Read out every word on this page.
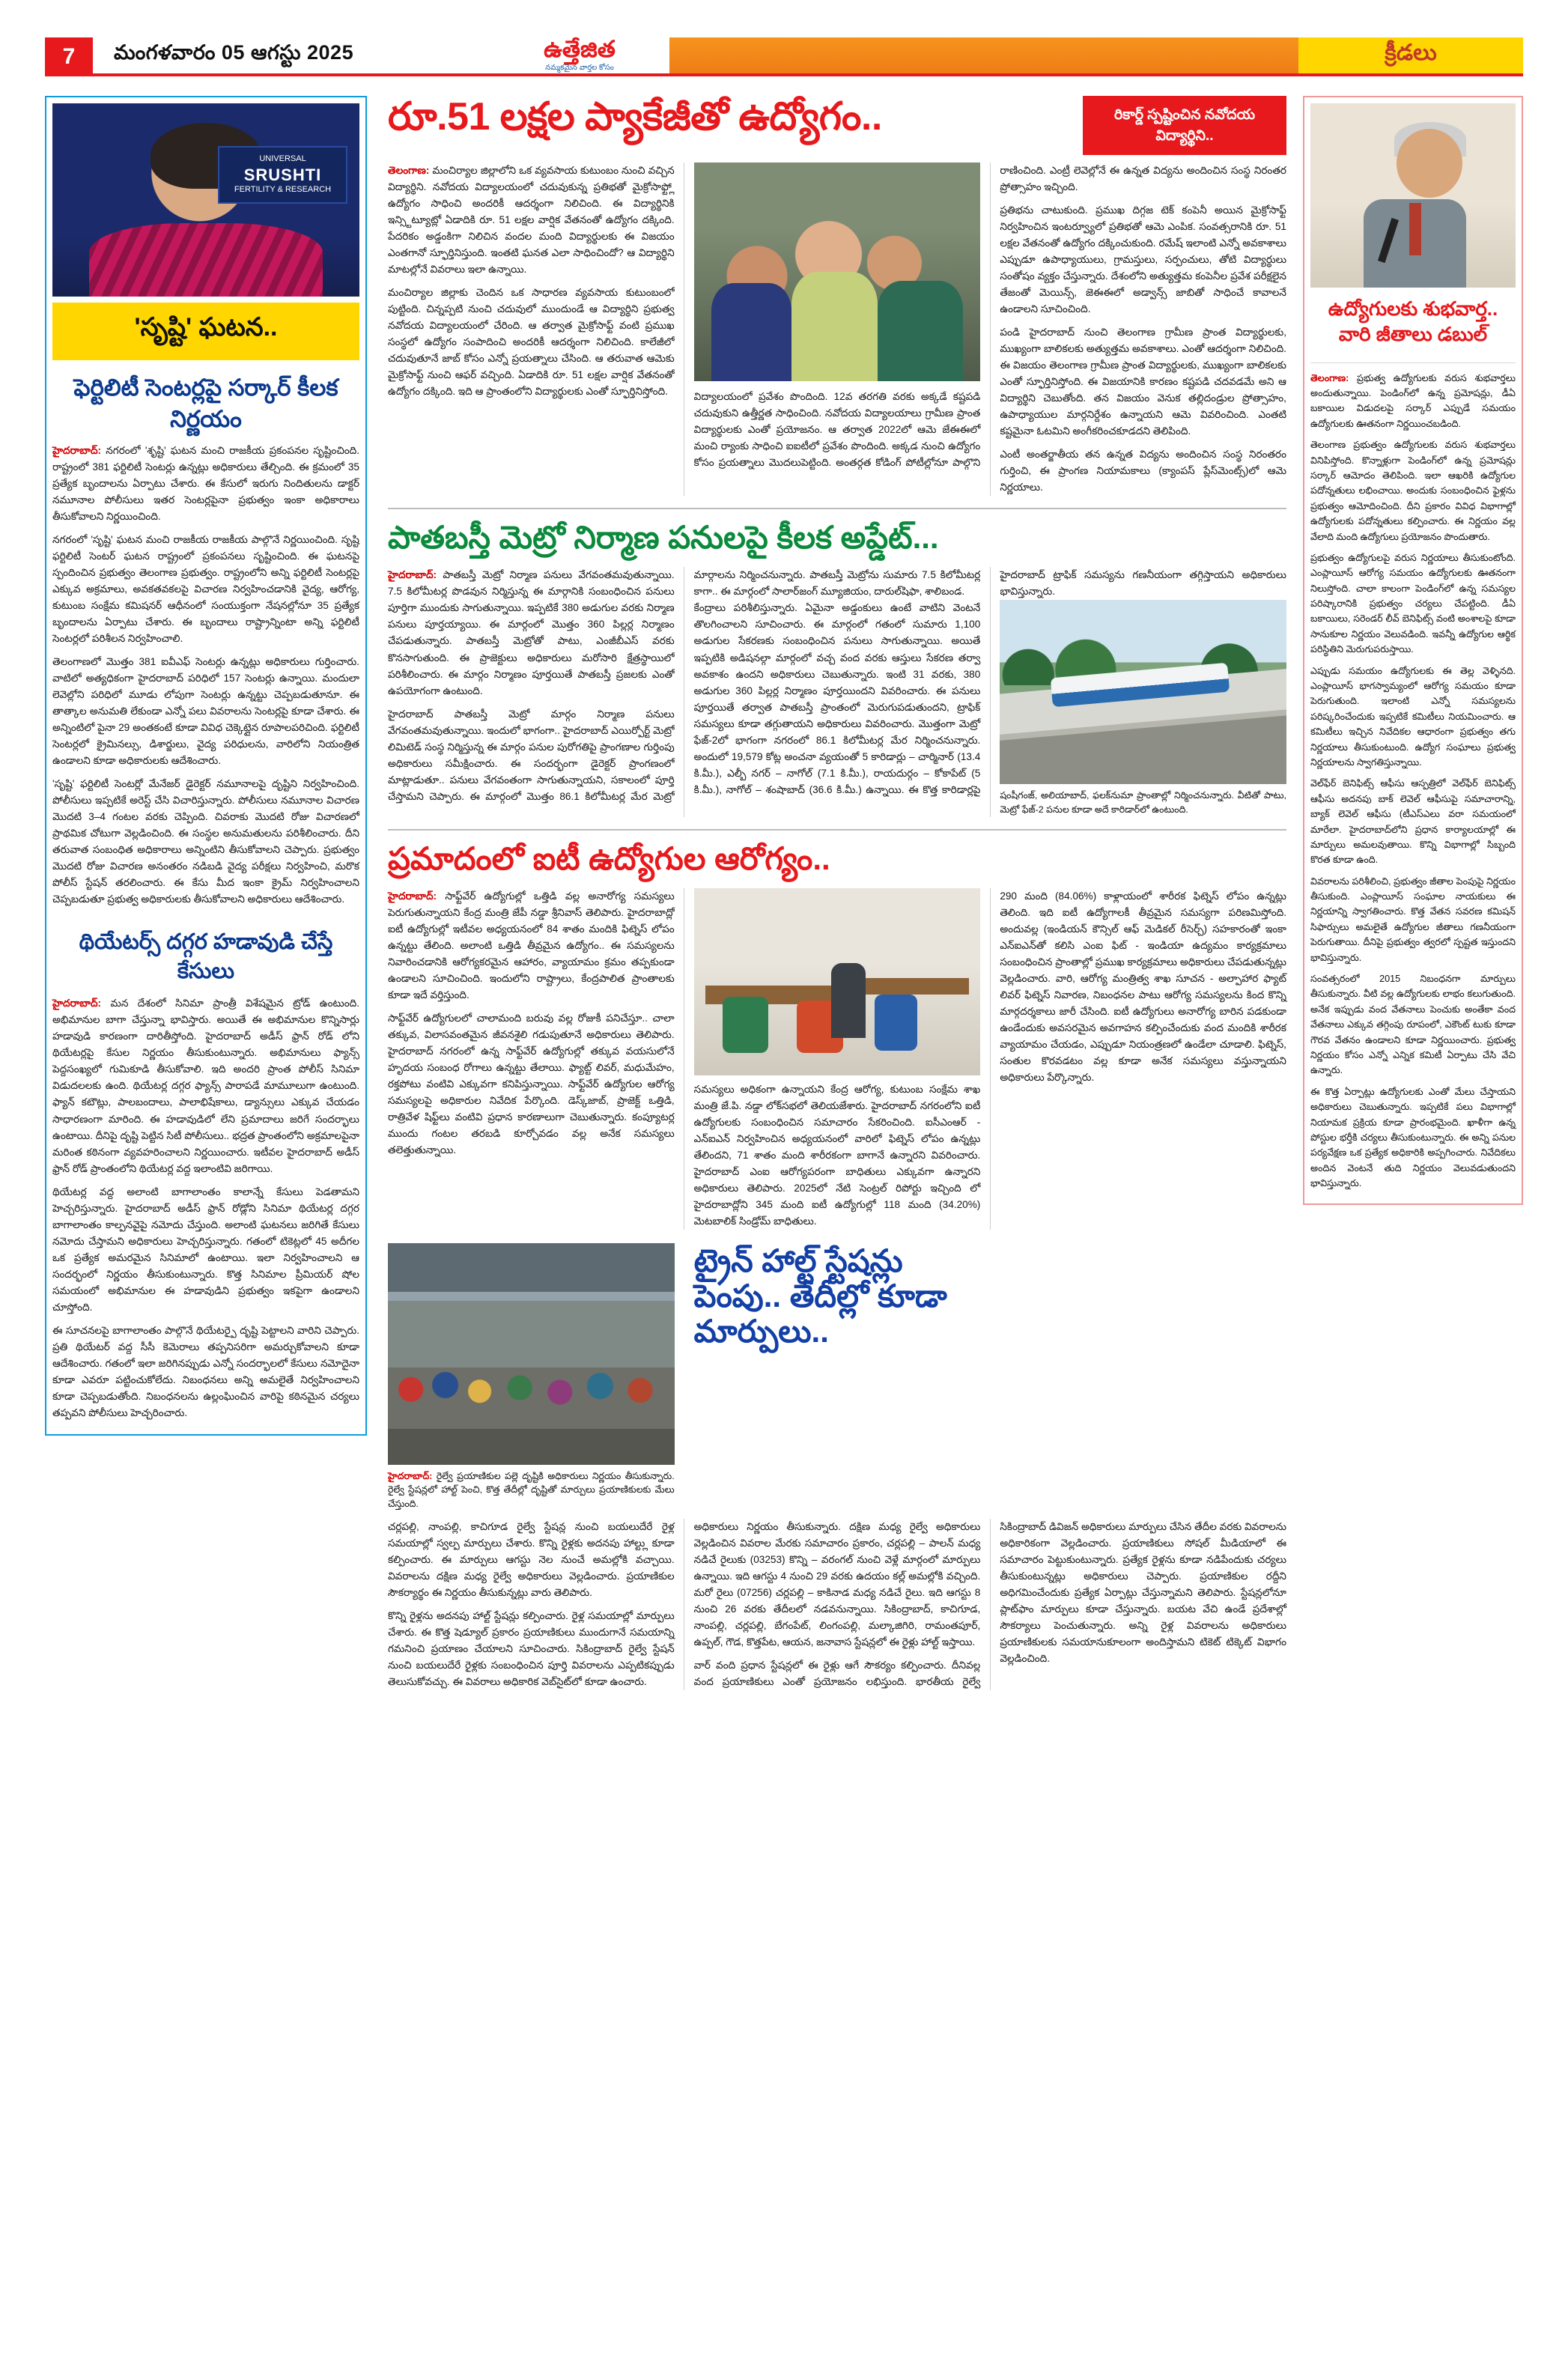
7	మంగళవారం 05 ఆగస్టు 2025	ఉత్తేజిత
నమ్మకమైన వార్తల కోసం
క్రీడలు
UNIVERSAL
SRUSHTI
FERTILITY & RESEARCH
'సృష్టి' ఘటన..
ఫెర్టిలిటీ సెంటర్లపై సర్కార్ కీలక నిర్ణయం

హైదరాబాద్: నగరంలో 'శృష్టి' ఘటన మంచి రాజకీయ ప్రకంపనల సృష్టించింది. రాష్ట్రంలో 381 ఫర్టిలిటీ సెంటర్లు ఉన్నట్లు అధికారులు తేల్చింది. ఈ క్రమంలో 35 ప్రత్యేక బృందాలను ఏర్పాటు చేశారు. ఈ కేసులో ఇరుగు నిందితులను డాక్టర్ నమూనాల పోలీసులు ఇతర సెంటర్లపైనా ప్రభుత్వం ఇంకా అధికారాలు తీసుకోవాలని నిర్ణయించింది.

నగరంలో 'సృష్టి' ఘటన మంచి రాజకీయ రాజకీయ పాల్గొనే నిర్ణయించింది. సృష్టి ఫర్టిలిటీ సెంటర్ ఘటన రాష్ట్రంలో ప్రకంపనలు సృష్టించింది. ఈ ఘటనపై స్పందించిన ప్రభుత్వం తెలంగాణ ప్రభుత్వం. రాష్ట్రంలోని అన్ని ఫర్టిలిటీ సెంటర్లపై ఎక్కువ అక్రమాలు, అవకతవకలపై విచారణ నిర్వహించడానికి వైద్య, ఆరోగ్య, కుటుంబ సంక్షేమ కమిషనర్ ఆధీనంలో సంయుక్తంగా నేషనల్లోనూ 35 ప్రత్యేక బృందాలను ఏర్పాటు చేశారు. ఈ బృందాలు రాష్ట్రాన్నింటా అన్ని ఫర్టిలిటీ సెంటర్లలో పరిశీలన నిర్వహించాలి.

తెలంగాణలో మొత్తం 381 ఐవీఎఫ్ సెంటర్లు ఉన్నట్లు అధికారులు గుర్తించారు. వాటిలో అత్యధికంగా హైదరాబాద్ పరిధిలో 157 సెంటర్లు ఉన్నాయి. మందులా లెవెల్లోని పరిధిలో మూడు లోపుగా సెంటర్లు ఉన్నట్టు చెప్పబడుతూనూ. ఈ తాత్కాల అనుమతి లేకుండా ఎన్నో పలు వివరాలను సెంటర్లపై కూడా చేశారు. ఈ అన్నింటిలో పైనా 29 అంతకంటే కూడా వివిధ చెక్కెట్లైన రూపాలపరిచింది. ఫర్టిలిటీ సెంటర్లలో క్రైమినల్సు, డిశార్జులు, వైద్య పరిధులను, వారిలోని నియంత్రిత ఉండాలని కూడా అధికారులకు ఆదేశించారు.

'సృష్టి' ఫర్టిలిటీ సెంటర్లో మేనేజర్ డైరెక్టర్ నమూనాలపై దృష్టిని నిర్వహించింది. పోలీసులు ఇప్పటికే అరెస్ట్ చేసి విచారిస్తున్నారు. పోలీసులు నమూనాల విచారణ మొదటి 3–4 గంటల వరకు చెప్పింది. చివరాకు మొదటి రోజు విచారణలో ప్రాథమిక చోటుగా వెల్లడించింది. ఈ సంస్థల అనుమతులను పరిశీలించారు. దీని తరువాత సంబంధిత అధికారాలు అన్నింటిని తీసుకోవాలని చెప్పారు. ప్రభుత్వం మొదటి రోజు విచారణ అనంతరం నడిబడి వైద్య పరీక్షలు నిర్వహించి, మరొక పోలీస్ స్టేషన్ తరలించారు. ఈ కేసు మీద ఇంకా క్రైమ్ నిర్వహించాలని చెప్పబడుతూ ప్రభుత్వ అధికారులకు తీసుకోవాలని అధికారులు ఆదేశించారు.

థియేటర్స్ దగ్గర హడావుడి చేస్తే కేసులు

హైదరాబాద్: మన దేశంలో సినిమా ప్రాంత్రీ విశేషమైన ట్రోడ్ ఉంటుంది. అభిమానుల బాగా చేస్తున్నా భావిస్తారు. అయితే ఈ అభిమానుల కొన్నిసార్లు హడావుడి కారణంగా దారితీస్తోంది. హైదరాబాద్ అడీస్ ఫ్రాన్ రోడ్ లోని థియేటర్లపై కేసుల నిర్ణయం తీసుకుంటున్నారు. అభిమానులు ఫ్యాన్స్ పెద్దసంఖ్యలో గుమికూడి తీసుకోవాలి. ఇది అందరి ప్రాంత పోలీస్ సినిమా విడుదలలకు ఉంది. థియేటర్ల దగ్గర ఫ్యాన్స్ పారాపడే మామూలుగా ఉంటుంది. ఫ్యాన్ కటౌట్లు, పాలబందాలు, పాలాభిషేకాలు, డ్యాన్సులు ఎక్కువ చేయడం సాధారణంగా మారింది. ఈ హడావుడిలో లేని ప్రమాదాలు జరిగే సందర్భాలు ఉంటాయి. దీనిపై దృష్టి పెట్టిన సిటీ పోలీసులు.. భద్రత ప్రాంతంలోని అక్రమాలపైనా మరింత కఠినంగా వ్యవహరించాలని నిర్ణయించారు. ఇటీవల హైదరాబాద్ అడీస్ ఫ్రాన్ రోడ్ ప్రాంతంలోని థియేటర్ల వద్ద ఇలాంటివి జరిగాయి.

థియేటర్ల వద్ద అలాంటి బాగాలాంతం కాలాన్నే కేసులు పెడతామని హెచ్చరిస్తున్నారు. హైదరాబాద్ అడీస్ ఫ్రాన్ రోడ్లోని సినిమా థియేటర్ల దగ్గర బాగాలాంతం కాల్పనవైపై నమోదు చేస్తుంది. అలాంటి ఘటనలు జరిగితే కేసులు నమోదు చేస్తామని అధికారులు హెచ్చరిస్తున్నారు. గతంలో టికెట్లలో 45 అదీగల ఒక ప్రత్యేక అమరమైన సినిమాలో ఉంటాయి. ఇలా నిర్వహించాలని ఆ సందర్భంలో నిర్ణయం తీసుకుంటున్నారు. కొత్త సినిమాల ప్రీమియర్ షోల సమయంలో అభిమానుల ఈ హడావుడిని ప్రభుత్వం ఇకపైగా ఉండాలని చూస్తోంది.

ఈ సూచనలపై బాగాలాంతం పాల్గొనే థియేటర్పై దృష్టి పెట్టాలని వారిని చెప్పారు. ప్రతి థియేటర్ వద్ద సీసీ కెమెరాలు తప్పనిసరిగా అమర్చుకోవాలని కూడా ఆదేశించారు. గతంలో ఇలా జరిగినప్పుడు ఎన్నో సందర్భాలలో కేసులు నమోదైనా కూడా ఎవరూ పట్టించుకోలేదు. నిబంధనలు అన్ని అమలైతే నిర్వహించాలని కూడా చెప్పబడుతోంది. నిబంధనలను ఉల్లంఘించిన వారిపై కఠినమైన చర్యలు తప్పవని పోలీసులు హెచ్చరించారు.

రూ.51 లక్షల ప్యాకేజీతో ఉద్యోగం..	రికార్డ్ స్పష్టించిన నవోదయ విద్యార్థిని..

తెలంగాణ: మంచిర్యాల జిల్లాలోని ఒక వ్యవసాయ కుటుంబం నుంచి వచ్చిన విద్యార్థిని. నవోదయ విద్యాలయంలో చదువుకున్న ప్రతిభతో మైక్రోసాఫ్ట్లో ఉద్యోగం సాధించి అందరికీ ఆదర్శంగా నిలిచింది. ఈ విద్యార్థినికి ఇన్స్టిట్యూట్లో ఏడాదికి రూ. 51 లక్షల వార్షిక వేతనంతో ఉద్యోగం దక్కింది. పేదరికం అడ్డంకిగా నిలిచిన వందల మంది విద్యార్థులకు ఈ విజయం ఎంతగానో స్ఫూర్తినిస్తుంది. ఇంతటి ఘనత ఎలా సాధించిందో? ఆ విద్యార్థిని మాటల్లోనే వివరాలు ఇలా ఉన్నాయి.

మంచిర్యాల జిల్లాకు చెందిన ఒక సాధారణ వ్యవసాయ కుటుంబంలో పుట్టింది. చిన్నప్పటి నుంచి చదువులో ముందుండే ఆ విద్యార్థిని ప్రభుత్వ నవోదయ విద్యాలయంలో చేరింది. ఆ తర్వాత మైక్రోసాఫ్ట్ వంటి ప్రముఖ సంస్థలో ఉద్యోగం సంపాదించి అందరికీ ఆదర్శంగా నిలిచింది. కాలేజీలో చదువుతూనే జాబ్ కోసం ఎన్నో ప్రయత్నాలు చేసింది. ఆ తరువాత ఆమెకు మైక్రోసాఫ్ట్ నుంచి ఆఫర్ వచ్చింది. ఏడాదికి రూ. 51 లక్షల వార్షిక వేతనంతో ఉద్యోగం దక్కింది. ఇది ఆ ప్రాంతంలోని విద్యార్థులకు ఎంతో స్ఫూర్తినిస్తోంది.	విద్యాలయంలో ప్రవేశం పొందింది. 12వ తరగతి వరకు అక్కడే కష్టపడి చదువుకుని ఉత్తీర్ణత సాధించింది. నవోదయ విద్యాలయాలు గ్రామీణ ప్రాంత విద్యార్థులకు ఎంతో ప్రయోజనం. ఆ తర్వాత 2022లో ఆమె జేఈఈలో మంచి ర్యాంకు సాధించి ఐఐటీలో ప్రవేశం పొందింది. అక్కడ నుంచి ఉద్యోగం కోసం ప్రయత్నాలు మొదలుపెట్టింది. అంతర్గత కోడింగ్ పోటీల్లోనూ పాల్గొని రాణించింది. ఎంట్రీ లెవెల్లోనే ఈ ఉన్నత విద్యను అందించిన సంస్థ నిరంతర ప్రోత్సాహం ఇచ్చింది.

ప్రతిభను చాటుకుంది. ప్రముఖ దిగ్గజ టెక్ కంపెనీ అయిన మైక్రోసాఫ్ట్ నిర్వహించిన ఇంటర్వ్యూలో ప్రతిభతో ఆమె ఎంపిక. సంవత్సరానికి రూ. 51 లక్షల వేతనంతో ఉద్యోగం దక్కించుకుంది. రమేష్ ఇలాంటి ఎన్నో అవకాశాలు ఎప్పుడూ ఉపాధ్యాయులు, గ్రామస్తులు, సర్పంచులు, తోటి విద్యార్థులు సంతోషం వ్యక్తం చేస్తున్నారు. దేశంలోని అత్యుత్తమ కంపెనీల ప్రవేశ పరీక్షలైన తేజంతో మెయిన్స్, జెఈఈలో అడ్వాన్స్ జాబితో సాధించే కావాలనే ఉండాలని సూచించింది.

పండి హైదరాబాద్ నుంచి తెలంగాణ గ్రామీణ ప్రాంత విద్యార్థులకు, ముఖ్యంగా బాలికలకు అత్యుత్తమ అవకాశాలు. ఎంతో ఆదర్శంగా నిలిచింది. ఈ విజయం తెలంగాణ గ్రామీణ ప్రాంత విద్యార్థులకు, ముఖ్యంగా బాలికలకు ఎంతో స్ఫూర్తినిస్తోంది. ఈ విజయానికి కారణం కష్టపడి చదవడమే అని ఆ విద్యార్థిని చెబుతోంది. తన విజయం వెనుక తల్లిదండ్రుల ప్రోత్సాహం, ఉపాధ్యాయుల మార్గనిర్దేశం ఉన్నాయని ఆమె వివరించింది. ఎంతటి కష్టమైనా ఓటమిని అంగీకరించకూడదని తెలిపింది.

ఎంటీ అంతర్జాతీయ తన ఉన్నత విద్యను అందించిన సంస్థ నిరంతరం గుర్తించి, ఈ ప్రాంగణ నియామకాలు (క్యాంపస్ ప్లేస్‌మెంట్స్)లో ఆమె నిర్ణయాలు.

పాతబస్తీ మెట్రో నిర్మాణ పనులపై కీలక అప్డేట్...

హైదరాబాద్: పాతబస్తీ మెట్రో నిర్మాణ పనులు వేగవంతమవుతున్నాయి. 7.5 కిలోమీటర్ల పొడవున నిర్మిస్తున్న ఈ మార్గానికి సంబంధించిన పనులు పూర్తిగా ముందుకు సాగుతున్నాయి. ఇప్పటికే 380 అడుగుల వరకు నిర్మాణ పనులు పూర్తయ్యాయి. ఈ మార్గంలో మొత్తం 360 పిల్లర్ల నిర్మాణం చేపడుతున్నారు. పాతబస్తీ మెట్రోతో పాటు, ఎంజీబీఎస్ వరకు కొనసాగుతుంది. ఈ ప్రాజెక్టులు అధికారులు మరోసారి క్షేత్రస్థాయిలో పరిశీలించారు. ఈ మార్గం నిర్మాణం పూర్తయితే పాతబస్తీ ప్రజలకు ఎంతో ఉపయోగంగా ఉంటుంది.

హైదరాబాద్ పాతబస్తీ మెట్రో మార్గం నిర్మాణ పనులు వేగవంతమవుతున్నాయి. ఇందులో భాగంగా.. హైదరాబాద్ ఎయిర్పోర్ట్ మెట్రో లిమిటెడ్ సంస్థ నిర్మిస్తున్న ఈ మార్గం పనుల పురోగతిపై ప్రాంగణాల గుర్తింపు అధికారులు సమీక్షించారు. ఈ సందర్భంగా డైరెక్టర్ ప్రాంగణంలో మాట్లాడుతూ.. పనులు వేగవంతంగా సాగుతున్నాయని, సకాలంలో పూర్తి చేస్తామని చెప్పారు. ఈ మార్గంలో మొత్తం 86.1 కిలోమీటర్ల మేర మెట్రో మార్గాలను నిర్మించనున్నారు. పాతబస్తీ మెట్రోను సుమారు 7.5 కిలోమీటర్ల కాగా.. ఈ మార్గంలో సాలార్‌జంగ్ మ్యూజియం, దారుల్‌షిఫా, శాలిబండ.

కేంద్రాలు పరిశీలిస్తున్నారు. ఏమైనా అడ్డంకులు ఉంటే వాటిని వెంటనే తొలగించాలని సూచించారు. ఈ మార్గంలో గతంలో సుమారు 1,100 అడుగుల సేకరణకు సంబంధించిన పనులు సాగుతున్నాయి. అయితే ఇప్పటికి అడిషనల్గా మార్గంలో వచ్చ వంద వరకు ఆస్తులు సేకరణ తర్వా అవకాశం ఉందని అధికారులు చెబుతున్నారు. ఇంటి 31 వరకు, 380 అడుగుల 360 పిల్లర్ల నిర్మాణం పూర్తయిందని వివరించారు. ఈ పనులు పూర్తయితే తర్వాత పాతబస్తీ ప్రాంతంలో మెరుగుపడుతుందని, ట్రాఫిక్ సమస్యలు కూడా తగ్గుతాయని అధికారులు వివరించారు. మొత్తంగా మెట్రో ఫేజ్-2లో భాగంగా నగరంలో 86.1 కిలోమీటర్ల మేర నిర్మించనున్నారు. అందులో 19,579 కోట్ల అంచనా వ్యయంతో 5 కారిడార్లు – చార్మినార్ (13.4 కి.మీ.), ఎల్బీ నగర్ – నాగోల్ (7.1 కి.మీ.), రాయదుర్గం – కోకాపేట్ (5 కి.మీ.), నాగోల్ – శంషాబాద్ (36.6 కి.మీ.) ఉన్నాయి. ఈ కొత్త కారిడార్లపై హైదరాబాద్ ట్రాఫిక్ సమస్యను గణనీయంగా తగ్గిస్తాయని అధికారులు భావిస్తున్నారు.

షంషీగంజ్, అలియాబాద్, ఫలక్‌నుమా ప్రాంతాల్లో నిర్మించనున్నారు. వీటితో పాటు, మెట్రో ఫేజ్-2 పనుల కూడా అదే కారిడార్‌లో ఉంటుంది.
ప్రమాదంలో ఐటీ ఉద్యోగుల ఆరోగ్యం..

హైదరాబాద్: సాఫ్ట్‌వేర్ ఉద్యోగుల్లో ఒత్తిడి వల్ల అనారోగ్య సమస్యలు పెరుగుతున్నాయని కేంద్ర మంత్రి జేపీ నడ్డా శ్రీనివాస్ తెలిపారు. హైదరాబాద్లో ఐటీ ఉద్యోగుల్లో ఇటీవల అధ్యయనంలో 84 శాతం మందికి ఫిట్నెస్ లోపం ఉన్నట్టు తేలింది. అలాంటి ఒత్తిడి తీవ్రమైన ఉద్యోగం.. ఈ సమస్యలను నివారించడానికి ఆరోగ్యకరమైన ఆహారం, వ్యాయామం క్రమం తప్పకుండా ఉండాలని సూచించింది. ఇందులోని రాష్ట్రాలు, కేంద్రపాలిత ప్రాంతాలకు కూడా ఇదే వర్తిస్తుంది.

సాఫ్ట్‌వేర్ ఉద్యోగులలో చాలామంది బరువు వల్ల రోజుకీ పనిచేస్తూ.. చాలా తక్కువ, విలాసవంతమైన జీవనశైలి గడుపుతూనే అధికారులు తెలిపారు. హైదరాబాద్ నగరంలో ఉన్న సాఫ్ట్‌వేర్ ఉద్యోగుల్లో తక్కువ వయసులోనే హృదయ సంబంధ రోగాలు ఉన్నట్టు తేలాయి. ఫ్యాట్ట్ లివర్, మధుమేహం, రక్తపోటు వంటివి ఎక్కువగా కనిపిస్తున్నాయి. సాఫ్ట్‌వేర్ ఉద్యోగుల ఆరోగ్య సమస్యలపై అధికారుల నివేదిక పేర్కొంది. డెస్క్‌జాబ్, ప్రాజెక్ట్ ఒత్తిడి, రాత్రివేళ షిఫ్ట్‌లు వంటివి ప్రధాన కారణాలుగా చెబుతున్నారు. కంప్యూటర్ల ముందు గంటల తరబడి కూర్చోవడం వల్ల అనేక సమస్యలు తలెత్తుతున్నాయి.

సమస్యలు అధికంగా ఉన్నాయని కేంద్ర ఆరోగ్య, కుటుంబ సంక్షేమ శాఖ మంత్రి జే.పి. నడ్డా లోక్‌సభలో తెలియజేశారు. హైదరాబాద్ నగరంలోని ఐటీ ఉద్యోగులకు సంబంధించిన సమాచారం సేకరించింది. ఐసీఎంఆర్ - ఎన్ఐఎన్ నిర్వహించిన అధ్యయనంలో వారిలో ఫిట్నెస్ లోపం ఉన్నట్లు తేలిందని, 71 శాతం మంది శారీరకంగా బాగానే ఉన్నారని వివరించారు. హైదరాబాద్ ఎంఐ ఆరోగ్యపరంగా బాధితులు ఎక్కువగా ఉన్నారని అధికారులు తెలిపారు. 2025లో నేటి సెంట్రల్ రిపోర్టు ఇచ్చింది లో హైదరాబాద్లోని 345 మంది ఐటీ ఉద్యోగుల్లో 118 మంది (34.20%) మెటబాలిక్ సిండ్రోమ్ బాధితులు.

290 మంది (84.06%) కాళ్లాయంలో శారీరక ఫిట్నెస్ లోపం ఉన్నట్లు తెలింది. ఇది ఐటీ ఉద్యోగాలకీ తీవ్రమైన సమస్యగా పరిణమిస్తోంది. అందువల్ల (ఇండియన్ కౌన్సిల్ ఆఫ్ మెడికల్ రీసెర్చ్) సహకారంతో ఇంకా ఎన్ఐఎన్‌తో కలిసి ఎంఐ ఫిట్ - ఇండియా ఉద్యమం కార్యక్రమాలు సంబంధించిన ప్రాంతాల్లో ప్రముఖ కార్యక్రమాలు అధికారులు చేపడుతున్నట్లు వెల్లడించారు. వారి, ఆరోగ్య మంత్రిత్వ శాఖ సూచన - అల్పాహార ఫ్యాట్ లివర్ ఫిట్నెస్ నివారణ, నిబంధనల పాటు ఆరోగ్య సమస్యలను కింద కొన్ని మార్గదర్శకాలు జారీ చేసింది. ఐటీ ఉద్యోగులు అనారోగ్య బారిన పడకుండా ఉండేందుకు అవసరమైన అవగాహన కల్పించేందుకు వంద మందికి శారీరక వ్యాయామం చేయడం, ఎప్పుడూ నియంత్రణలో ఉండేలా చూడాలి. ఫిట్నెస్, సంతుల కొరవడటం వల్ల కూడా అనేక సమస్యలు వస్తున్నాయని అధికారులు పేర్కొన్నారు.

హైదరాబాద్: రైల్వే ప్రయాణికుల పల్లె దృష్టికి అధికారులు నిర్ణయం తీసుకున్నారు. రైల్వే స్టేషన్లలో హాల్ట్ పెంచి, కొత్త తేదీల్లో దృష్టితో మార్పులు ప్రయాణికులకు మేలు చేస్తుంది.
ట్రైన్ హాల్ట్ స్టేషన్లు పెంపు.. తేదీల్లో కూడా మార్పులు..

చర్లపల్లి, నాంపల్లి, కాచిగూడ రైల్వే స్టేషన్ల నుంచి బయలుదేరే రైళ్ల సమయాల్లో స్వల్ప మార్పులు చేశారు. కొన్ని రైళ్లకు అదనపు హాల్ట్లు కూడా కల్పించారు. ఈ మార్పులు ఆగస్టు నెల నుంచే అమల్లోకి వచ్చాయి. వివరాలను దక్షిణ మధ్య రైల్వే అధికారులు వెల్లడించారు. ప్రయాణికుల సౌకర్యార్థం ఈ నిర్ణయం తీసుకున్నట్లు వారు తెలిపారు.

కొన్ని రైళ్లను అదనపు హాల్ట్ స్టేషన్లు కల్పించారు. రైళ్ల సమయాల్లో మార్పులు చేశారు. ఈ కొత్త షెడ్యూల్ ప్రకారం ప్రయాణికులు ముందుగానే సమయాన్ని గమనించి ప్రయాణం చేయాలని సూచించారు. సికింద్రాబాద్ రైల్వే స్టేషన్ నుంచి బయలుదేరే రైళ్లకు సంబంధించిన పూర్తి వివరాలను ఎప్పటికప్పుడు తెలుసుకోవచ్చు. ఈ వివరాలు అధికారిక వెబ్‌సైట్‌లో కూడా ఉంచారు.

అధికారులు నిర్ణయం తీసుకున్నారు. దక్షిణ మధ్య రైల్వే అధికారులు వెల్లడించిన వివరాల మేరకు సమాచారం ప్రకారం, చర్లపల్లి – పాలన్ మధ్య నడిచే రైలుకు (03253) కొన్ని – వరంగల్ నుంచి వెళ్లే మార్గంలో మార్పులు ఉన్నాయి. ఇది ఆగస్టు 4 నుంచి 29 వరకు ఉదయం కల్ల్ అమల్లోకి వచ్చింది. మరో రైలు (07256) చర్లపల్లి – కాకినాడ మధ్య నడిచే రైలు. ఇది ఆగస్టు 8 నుంచి 26 వరకు తేదీలలో నడవనున్నాయి. సికింద్రాబాద్, కాచిగూడ, నాంపల్లి, చర్లపల్లి, బేగంపేట్, లింగంపల్లి, మల్కాజిగిరి, రామంతపూర్, ఉప్పల్, గౌడ, కొత్తపేట, ఆయన, జనావాస స్టేషన్లలో ఈ రైళ్లు హాల్ట్ ఇస్తాయి.

వార్ వంది ప్రధాన స్టేషన్లలో ఈ రైళ్లు ఆగే సౌకర్యం కల్పించారు. దీనివల్ల వంద ప్రయాణికులు ఎంతో ప్రయోజనం లభిస్తుంది. భారతీయ రైల్వే సికింద్రాబాద్ డివిజన్ అధికారులు మార్పులు చేసిన తేదీల వరకు వివరాలను అధికారికంగా వెల్లడించారు. ప్రయాణికులు సోషల్ మీడియాలో ఈ సమాచారం పెట్టుకుంటున్నారు. ప్రత్యేక రైళ్లను కూడా నడిపేందుకు చర్యలు తీసుకుంటున్నట్లు అధికారులు చెప్పారు. ప్రయాణికుల రద్దీని అధిగమించేందుకు ప్రత్యేక ఏర్పాట్లు చేస్తున్నామని తెలిపారు. స్టేషన్లలోనూ ప్లాట్‌ఫాం మార్పులు కూడా చేస్తున్నారు. బయట వేచి ఉండే ప్రదేశాల్లో సౌకర్యాలు పెంచుతున్నారు. అన్ని రైళ్ల వివరాలను అధికారులు ప్రయాణికులకు సమయానుకూలంగా అందిస్తామని టికెట్ టిక్కెట్ విభాగం వెల్లడించింది.

ఉద్యోగులకు శుభవార్త.. వారి జీతాలు డబుల్

తెలంగాణ: ప్రభుత్వ ఉద్యోగులకు వరుస శుభవార్తలు అందుతున్నాయి. పెండింగ్‌లో ఉన్న ప్రమోషన్లు, డీఏ బకాయిల విడుదలపై సర్కార్ ఎప్పుడే సమయం ఉద్యోగులకు ఊతనంగా నిర్ణయించబడింది.

తెలంగాణ ప్రభుత్వం ఉద్యోగులకు వరుస శుభవార్తలు వినిపిస్తోంది. కొన్నాళ్లుగా పెండింగ్‌లో ఉన్న ప్రమోషన్లు సర్కార్ ఆమోదం తెలిపింది. ఇలా ఆఖరికి ఉద్యోగుల పదోన్నతులు లభించాయి. అందుకు సంబంధించిన ఫైళ్లను ప్రభుత్వం ఆమోదించింది. దీని ప్రకారం వివిధ విభాగాల్లో ఉద్యోగులకు పదోన్నతులు కల్పించారు. ఈ నిర్ణయం వల్ల వేలాది మంది ఉద్యోగులు ప్రయోజనం పొందుతారు.

ప్రభుత్వం ఉద్యోగులపై వరుస నిర్ణయాలు తీసుకుంటోంది. ఎంప్లాయీస్ ఆరోగ్య సమయం ఉద్యోగులకు ఊతనంగా నిలుస్తోంది. చాలా కాలంగా పెండింగ్‌లో ఉన్న సమస్యల పరిష్కారానికి ప్రభుత్వం చర్యలు చేపట్టింది. డీఏ బకాయిలు, సరెండర్ లీవ్ బెనిఫిట్స్ వంటి అంశాలపై కూడా సానుకూల నిర్ణయం వెలువడింది. ఇవన్నీ ఉద్యోగుల ఆర్థిక పరిస్థితిని మెరుగుపరుస్తాయి.

ఎప్పుడు సమయం ఉద్యోగులకు ఈ తెల్ల వెళ్ళినది. ఎంప్లాయీస్ భాగస్వామ్యంలో ఆరోగ్య సమయం కూడా పెరుగుతుంది. ఇలాంటి ఎన్నో సమస్యలను పరిష్కరించేందుకు ఇప్పటికే కమిటీలు నియమించారు. ఆ కమిటీలు ఇచ్చిన నివేదికల ఆధారంగా ప్రభుత్వం తగు నిర్ణయాలు తీసుకుంటుంది. ఉద్యోగ సంఘాలు ప్రభుత్వ నిర్ణయాలను స్వాగతిస్తున్నాయి.

వెల్‌ఫేర్ బెనిఫిట్స్ ఆఫీసు ఆస్పత్రిలో వెల్‌ఫేర్ బెనిఫిట్స్ ఆఫీసు అదనపు బాక్ లెవెల్ ఆఫీసుపై సమాచారాన్ని, బ్యాక్ లెవెల్ ఆఫీసు (టీఎస్ఎలు వరా సమయంలో మారేలా. హైదరాబాద్‌లోని ప్రధాన కార్యాలయాల్లో ఈ మార్పులు అమలవుతాయి. కొన్ని విభాగాల్లో సిబ్బంది కొరత కూడా ఉంది.

వివరాలను పరిశీలించి, ప్రభుత్వం జీతాల పెంపుపై నిర్ణయం తీసుకుంది. ఎంప్లాయీస్ సంఘాల నాయకులు ఈ నిర్ణయాన్ని స్వాగతించారు. కొత్త వేతన సవరణ కమిషన్ సిఫార్సులు అమలైతే ఉద్యోగుల జీతాలు గణనీయంగా పెరుగుతాయి. దీనిపై ప్రభుత్వం త్వరలో స్పష్టత ఇస్తుందని భావిస్తున్నారు.

సంవత్సరంలో 2015 నిబంధనగా మార్పులు తీసుకున్నారు. వీటి వల్ల ఉద్యోగులకు లాభం కలుగుతుంది. అనేక ఇప్పుడు వంద వేతనాలు పెంచుకు అంతేకా వంద వేతనాలు ఎక్కువ తగ్గింపు రూపంలో, ఎకౌంట్ టుకు కూడా గౌరవ వేతనం ఉండాలని కూడా నిర్ణయించారు. ప్రభుత్వ నిర్ణయం కోసం ఎన్నో ఎన్నిక కమిటీ ఏర్పాటు చేసి వేచి ఉన్నారు.

ఈ కొత్త ఏర్పాట్లు ఉద్యోగులకు ఎంతో మేలు చేస్తాయని అధికారులు చెబుతున్నారు. ఇప్పటికే పలు విభాగాల్లో నియామక ప్రక్రియ కూడా ప్రారంభమైంది. ఖాళీగా ఉన్న పోస్టుల భర్తీకి చర్యలు తీసుకుంటున్నారు. ఈ అన్ని పనుల పర్యవేక్షణ ఒక ప్రత్యేక అధికారికి అప్పగించారు. నివేదికలు అందిన వెంటనే తుది నిర్ణయం వెలువడుతుందని భావిస్తున్నారు.
